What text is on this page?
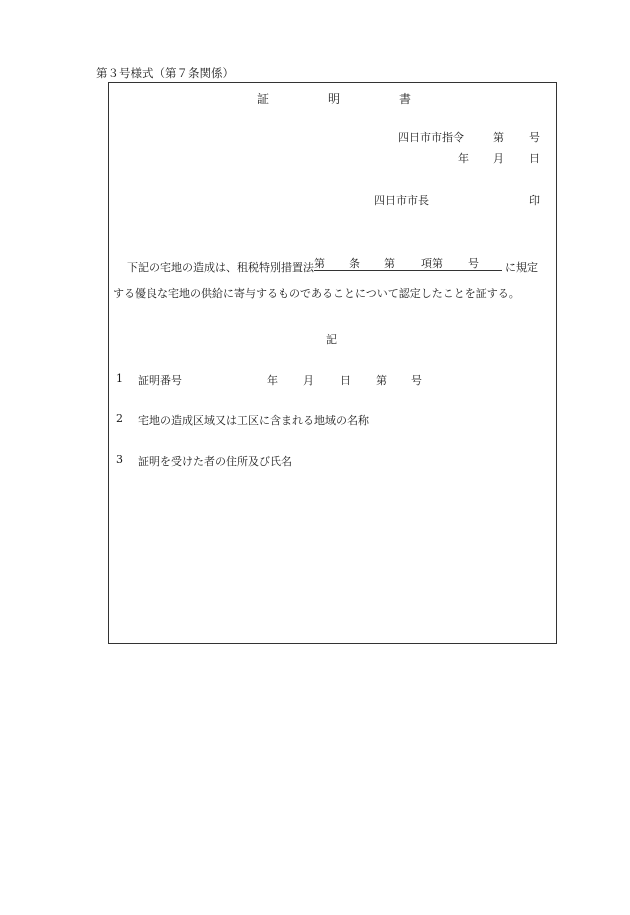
第３号様式（第７条関係）
証	明	書
四日市市指令	第 号
年 月 日
四日市市長	印
下記の宅地の造成は、租税特別措置法 第 条 第 項第 号 に規定
する優良な宅地の供給に寄与するものであることについて認定したことを証する。
記
1 証明番号	年 月 日 第 号
2 宅地の造成区域又は工区に含まれる地域の名称
3 証明を受けた者の住所及び氏名
